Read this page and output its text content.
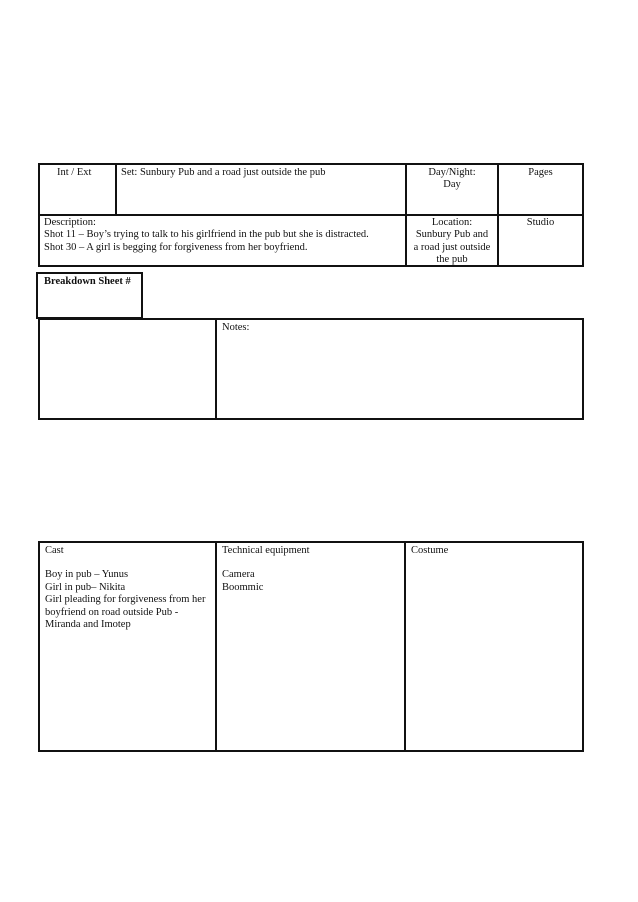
Int / Ext	Set: Sunbury Pub and a road just outside the pub	Day/Night:
Day
Pages
Description:
Shot 11 – Boy’s trying to talk to his girlfriend in the pub but she is distracted.
Shot 30 – A girl is begging for forgiveness from her boyfriend.
Location:
Sunbury Pub and
a road just outside
the pub
Studio
Breakdown Sheet #
Notes:
Cast
Boy in pub – Yunus
Girl in pub– Nikita
Girl pleading for forgiveness from her
boyfriend on road outside Pub -
Miranda and Imotep
Technical equipment
Camera
Boommic
Costume
